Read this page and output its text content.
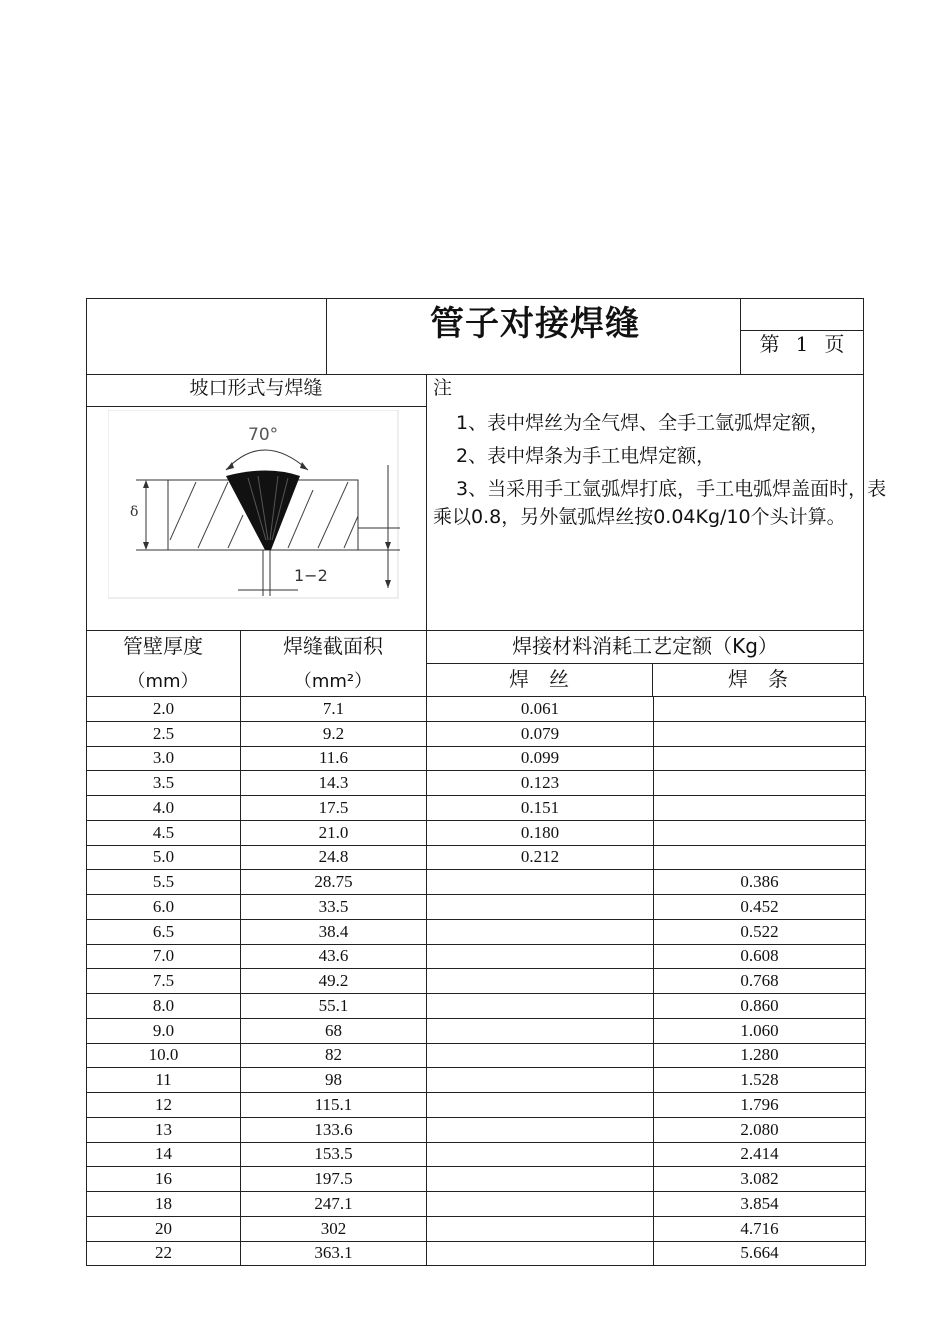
管子对接焊缝	第 1 页
坡口形式与焊缝
70°
δ
1−2
注
1、表中焊丝为全气焊、全手工氩弧焊定额，
2、表中焊条为手工电焊定额，
3、当采用手工氩弧焊打底，手工电弧焊盖面时，表
乘以0.8，另外氩弧焊丝按0.04Kg/10个头计算。
管壁厚度
（mm）
焊缝截面积
（mm²）
焊接材料消耗工艺定额（Kg）
焊　丝	焊　条
2.0	7.1	0.061	
2.5	9.2	0.079	
3.0	11.6	0.099	
3.5	14.3	0.123	
4.0	17.5	0.151	
4.5	21.0	0.180	
5.0	24.8	0.212	
5.5	28.75		0.386
6.0	33.5		0.452
6.5	38.4		0.522
7.0	43.6		0.608
7.5	49.2		0.768
8.0	55.1		0.860
9.0	68		1.060
10.0	82		1.280
11	98		1.528
12	115.1		1.796
13	133.6		2.080
14	153.5		2.414
16	197.5		3.082
18	247.1		3.854
20	302		4.716
22	363.1		5.664
